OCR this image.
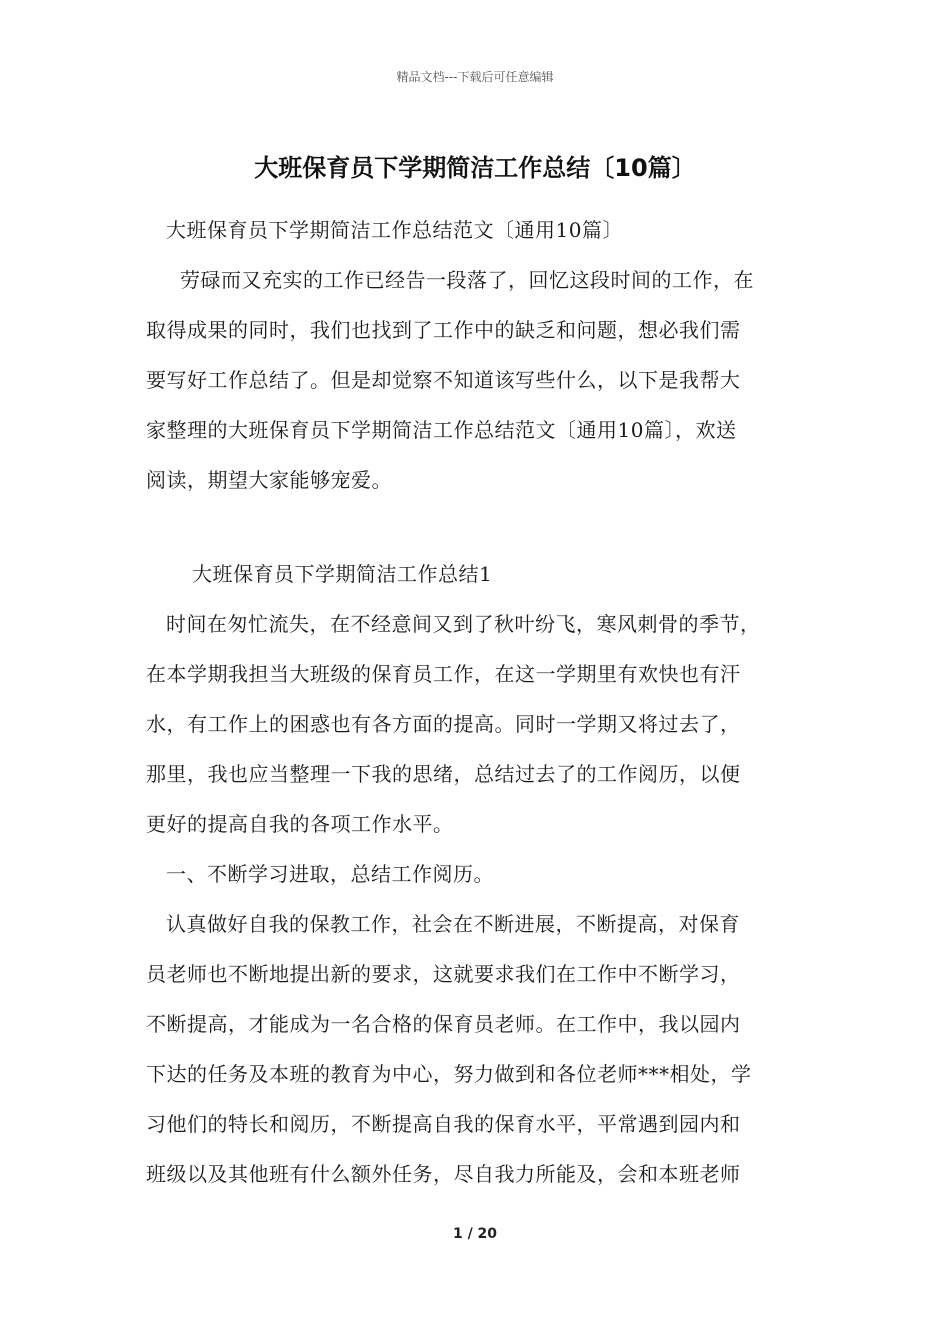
精品文档---下载后可任意编辑
大班保育员下学期简洁工作总结〔10篇〕
大班保育员下学期简洁工作总结范文〔通用10篇〕
劳碌而又充实的工作已经告一段落了，回忆这段时间的工作，在
取得成果的同时，我们也找到了工作中的缺乏和问题，想必我们需
要写好工作总结了。但是却觉察不知道该写些什么，以下是我帮大
家整理的大班保育员下学期简洁工作总结范文〔通用10篇〕，欢送
阅读，期望大家能够宠爱。
大班保育员下学期简洁工作总结1
时间在匆忙流失，在不经意间又到了秋叶纷飞，寒风刺骨的季节，
在本学期我担当大班级的保育员工作，在这一学期里有欢快也有汗
水，有工作上的困惑也有各方面的提高。同时一学期又将过去了，
那里，我也应当整理一下我的思绪，总结过去了的工作阅历，以便
更好的提高自我的各项工作水平。
一、不断学习进取，总结工作阅历。
认真做好自我的保教工作，社会在不断进展，不断提高，对保育
员老师也不断地提出新的要求，这就要求我们在工作中不断学习，
不断提高，才能成为一名合格的保育员老师。在工作中，我以园内
下达的任务及本班的教育为中心，努力做到和各位老师***相处，学
习他们的特长和阅历，不断提高自我的保育水平，平常遇到园内和
班级以及其他班有什么额外任务，尽自我力所能及，会和本班老师
1 / 20
